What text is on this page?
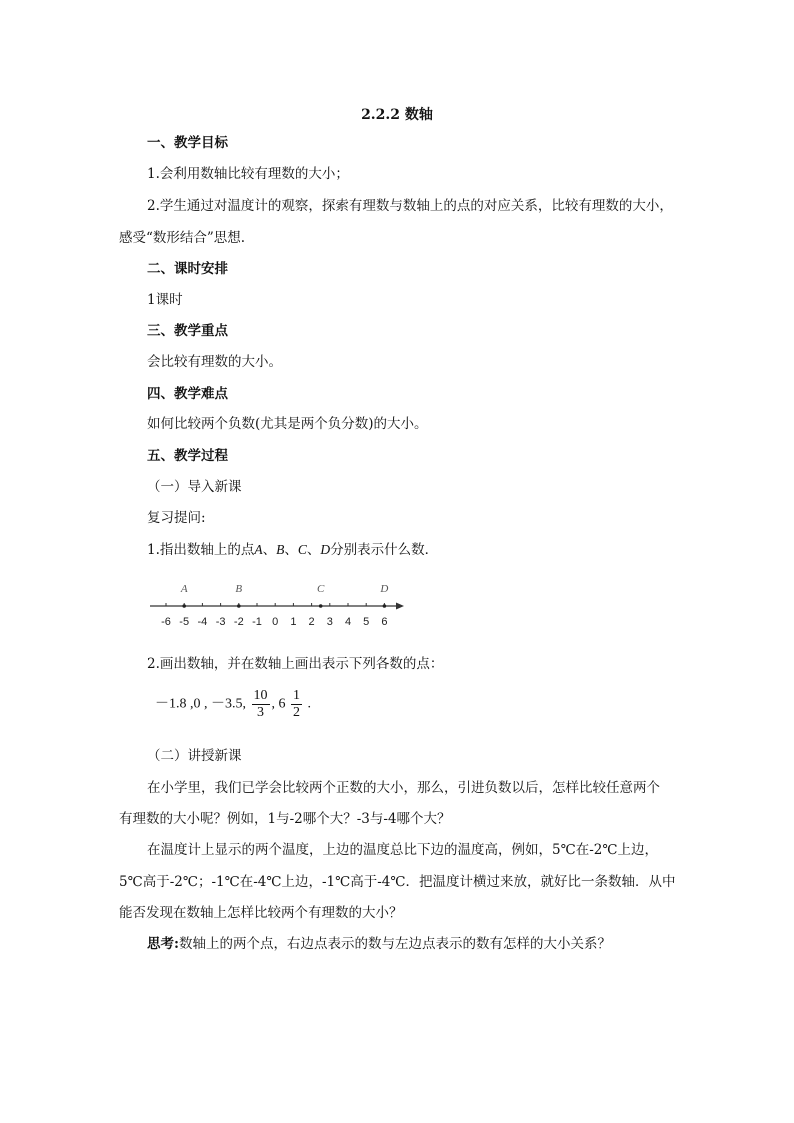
2.2.2 数轴
一、教学目标
1.会利用数轴比较有理数的大小；
2.学生通过对温度计的观察，探索有理数与数轴上的点的对应关系，比较有理数的大小，
感受“数形结合”思想.
二、课时安排
1课时
三、教学重点
会比较有理数的大小。
四、教学难点
如何比较两个负数(尤其是两个负分数)的大小。
五、教学过程
（一）导入新课
复习提问:
1.指出数轴上的点A、B、C、D分别表示什么数．
-6 -5 -4 -3 -2 -1 0 1 2 3 4 5 6
A	B	C	D
2.画出数轴，并在数轴上画出表示下列各数的点：
－1.8 ,0 , －3.5, $\frac{10}{3}$ , $6 \frac{1}{2}$ .
（二）讲授新课
在小学里，我们已学会比较两个正数的大小，那么，引进负数以后，怎样比较任意两个
有理数的大小呢？例如，1与-2哪个大？-3与-4哪个大？
在温度计上显示的两个温度，上边的温度总比下边的温度高，例如，5℃在-2℃上边，
5℃高于-2℃；-1℃在-4℃上边，-1℃高于-4℃．把温度计横过来放，就好比一条数轴．从中
能否发现在数轴上怎样比较两个有理数的大小？
思考:数轴上的两个点，右边点表示的数与左边点表示的数有怎样的大小关系？
